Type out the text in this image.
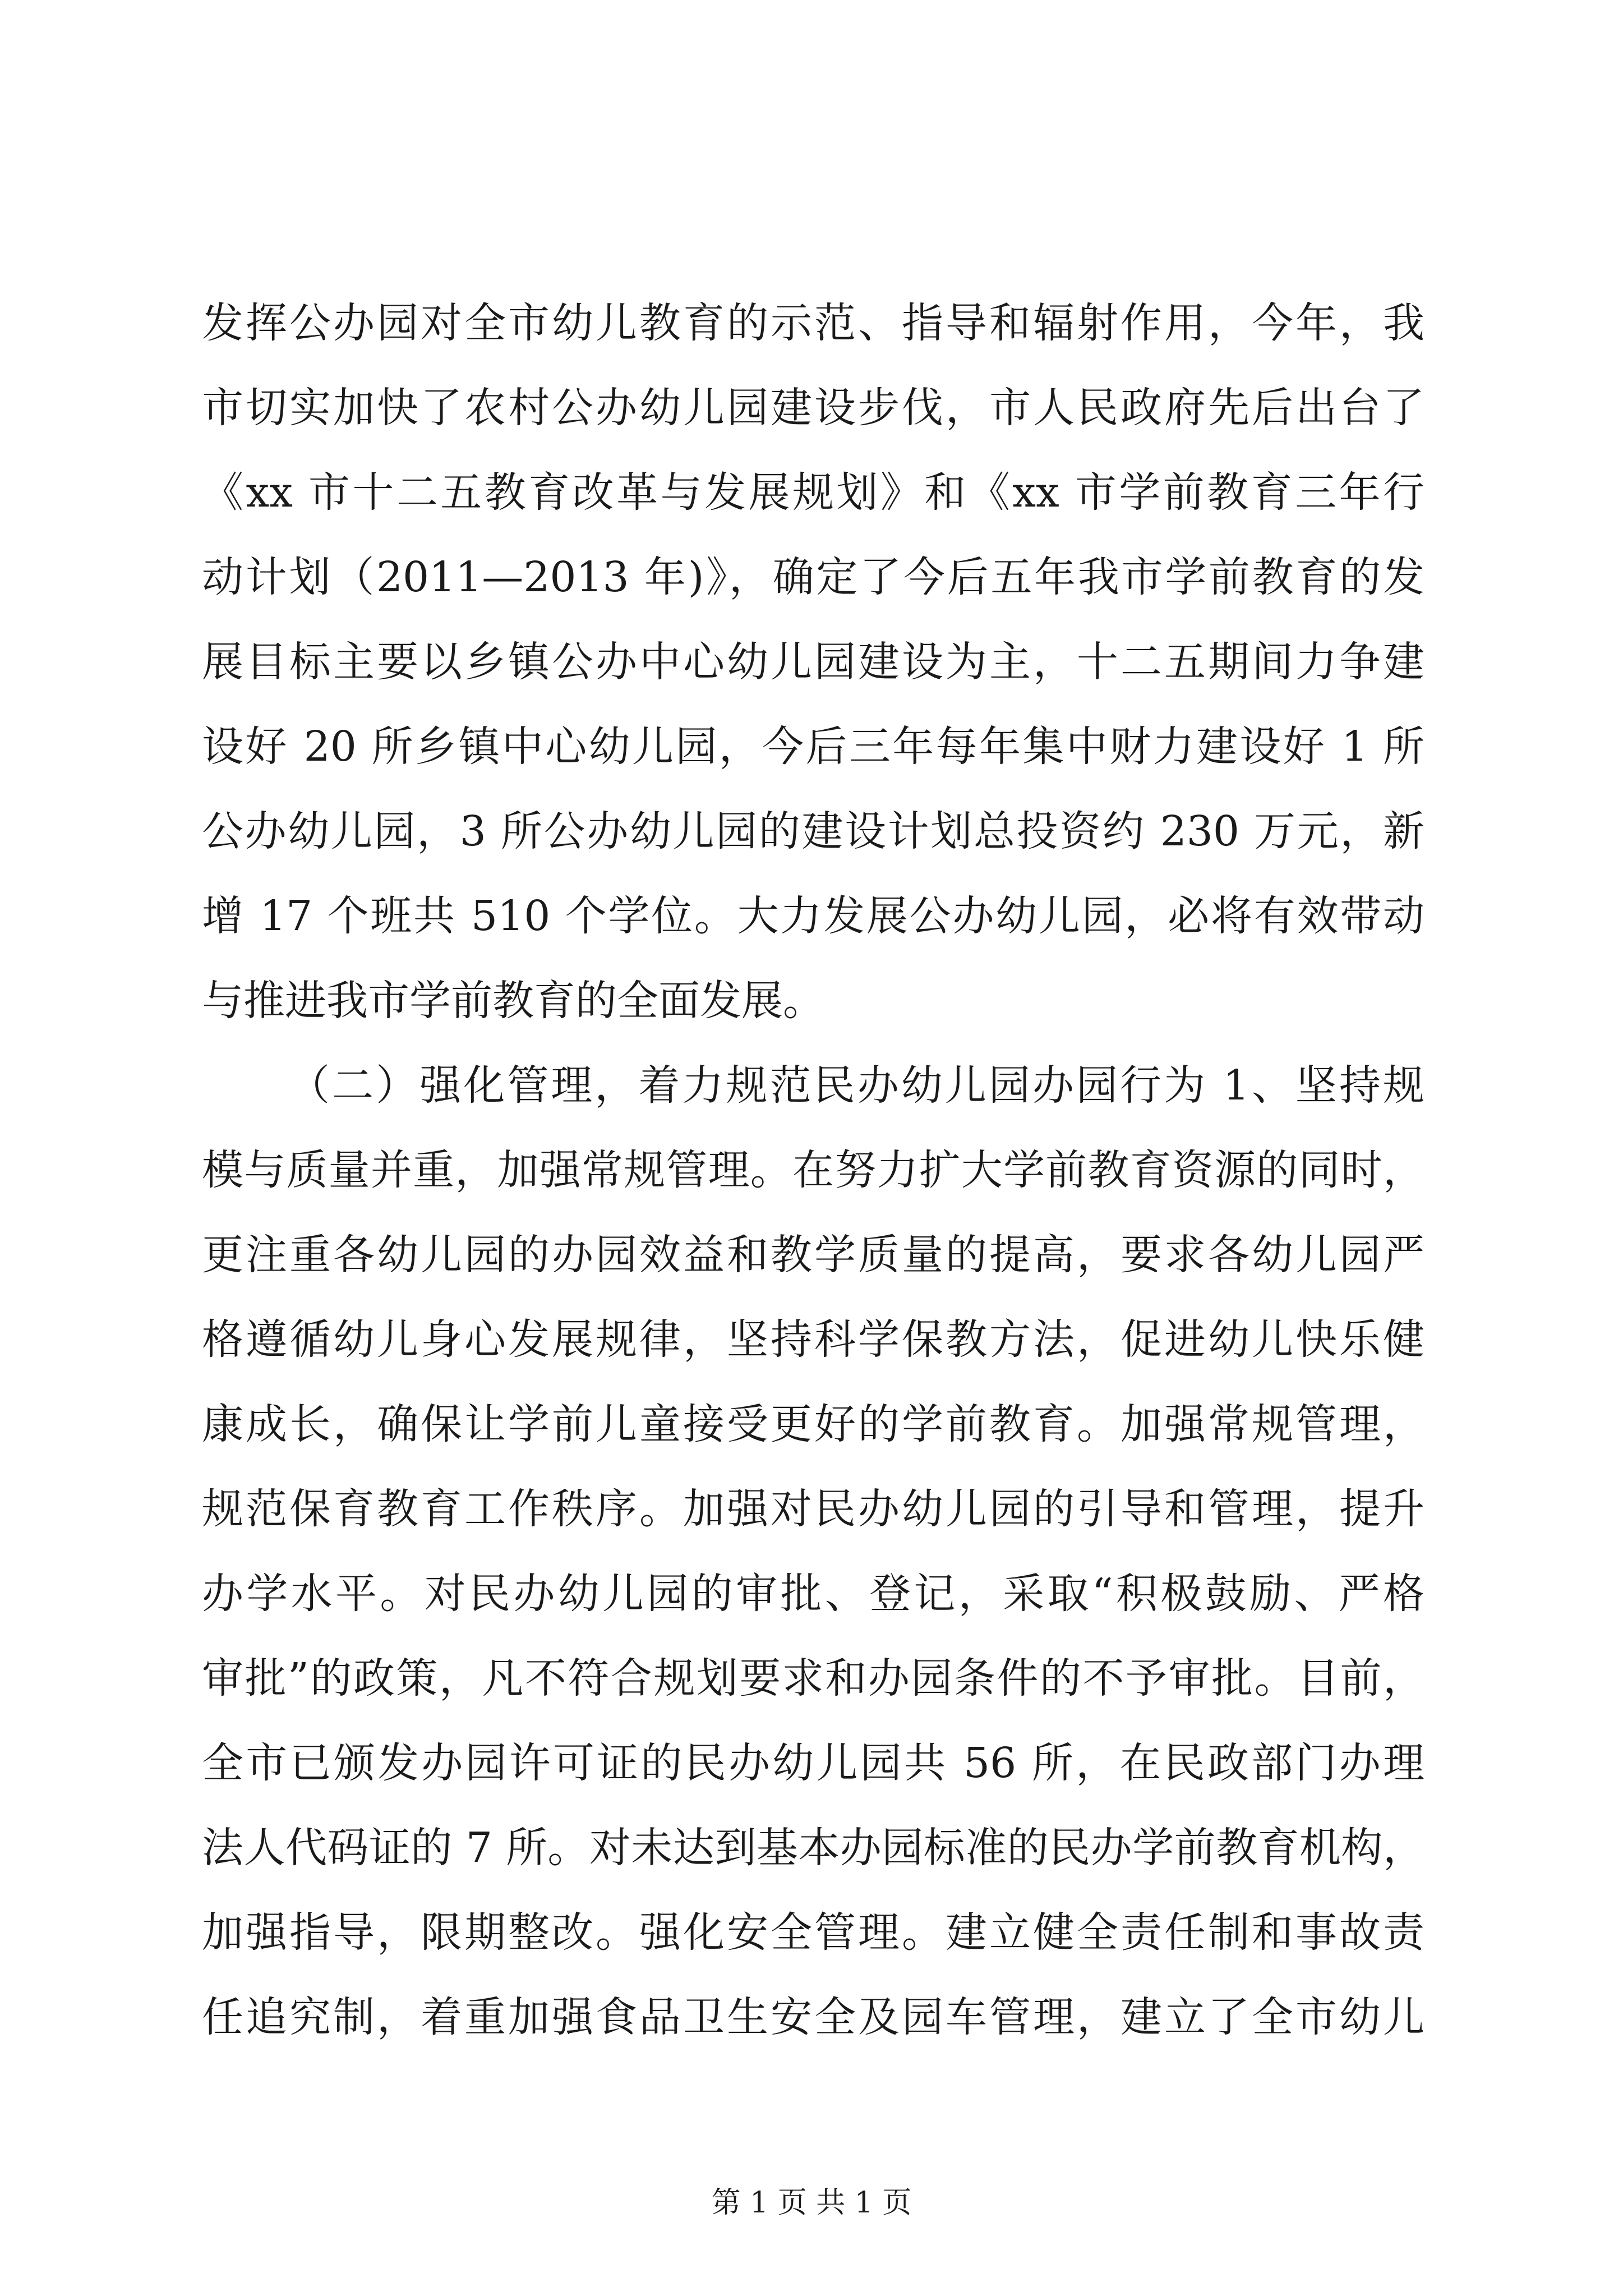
发挥公办园对全市幼儿教育的示范、指导和辐射作用，今年，我
市切实加快了农村公办幼儿园建设步伐，市人民政府先后出台了
《xx 市十二五教育改革与发展规划》和《xx 市学前教育三年行
动计划（2011—2013 年)》，确定了今后五年我市学前教育的发
展目标主要以乡镇公办中心幼儿园建设为主，十二五期间力争建
设好 20 所乡镇中心幼儿园，今后三年每年集中财力建设好 1 所
公办幼儿园，3 所公办幼儿园的建设计划总投资约 230 万元，新
增 17 个班共 510 个学位。大力发展公办幼儿园，必将有效带动
与推进我市学前教育的全面发展。
（二）强化管理，着力规范民办幼儿园办园行为 1、坚持规
模与质量并重，加强常规管理。在努力扩大学前教育资源的同时，
更注重各幼儿园的办园效益和教学质量的提高，要求各幼儿园严
格遵循幼儿身心发展规律，坚持科学保教方法，促进幼儿快乐健
康成长，确保让学前儿童接受更好的学前教育。加强常规管理，
规范保育教育工作秩序。加强对民办幼儿园的引导和管理，提升
办学水平。对民办幼儿园的审批、登记，采取“积极鼓励、严格
审批”的政策，凡不符合规划要求和办园条件的不予审批。目前，
全市已颁发办园许可证的民办幼儿园共 56 所，在民政部门办理
法人代码证的 7 所。对未达到基本办园标准的民办学前教育机构，
加强指导，限期整改。强化安全管理。建立健全责任制和事故责
任追究制，着重加强食品卫生安全及园车管理，建立了全市幼儿
第 1 页 共 1 页
